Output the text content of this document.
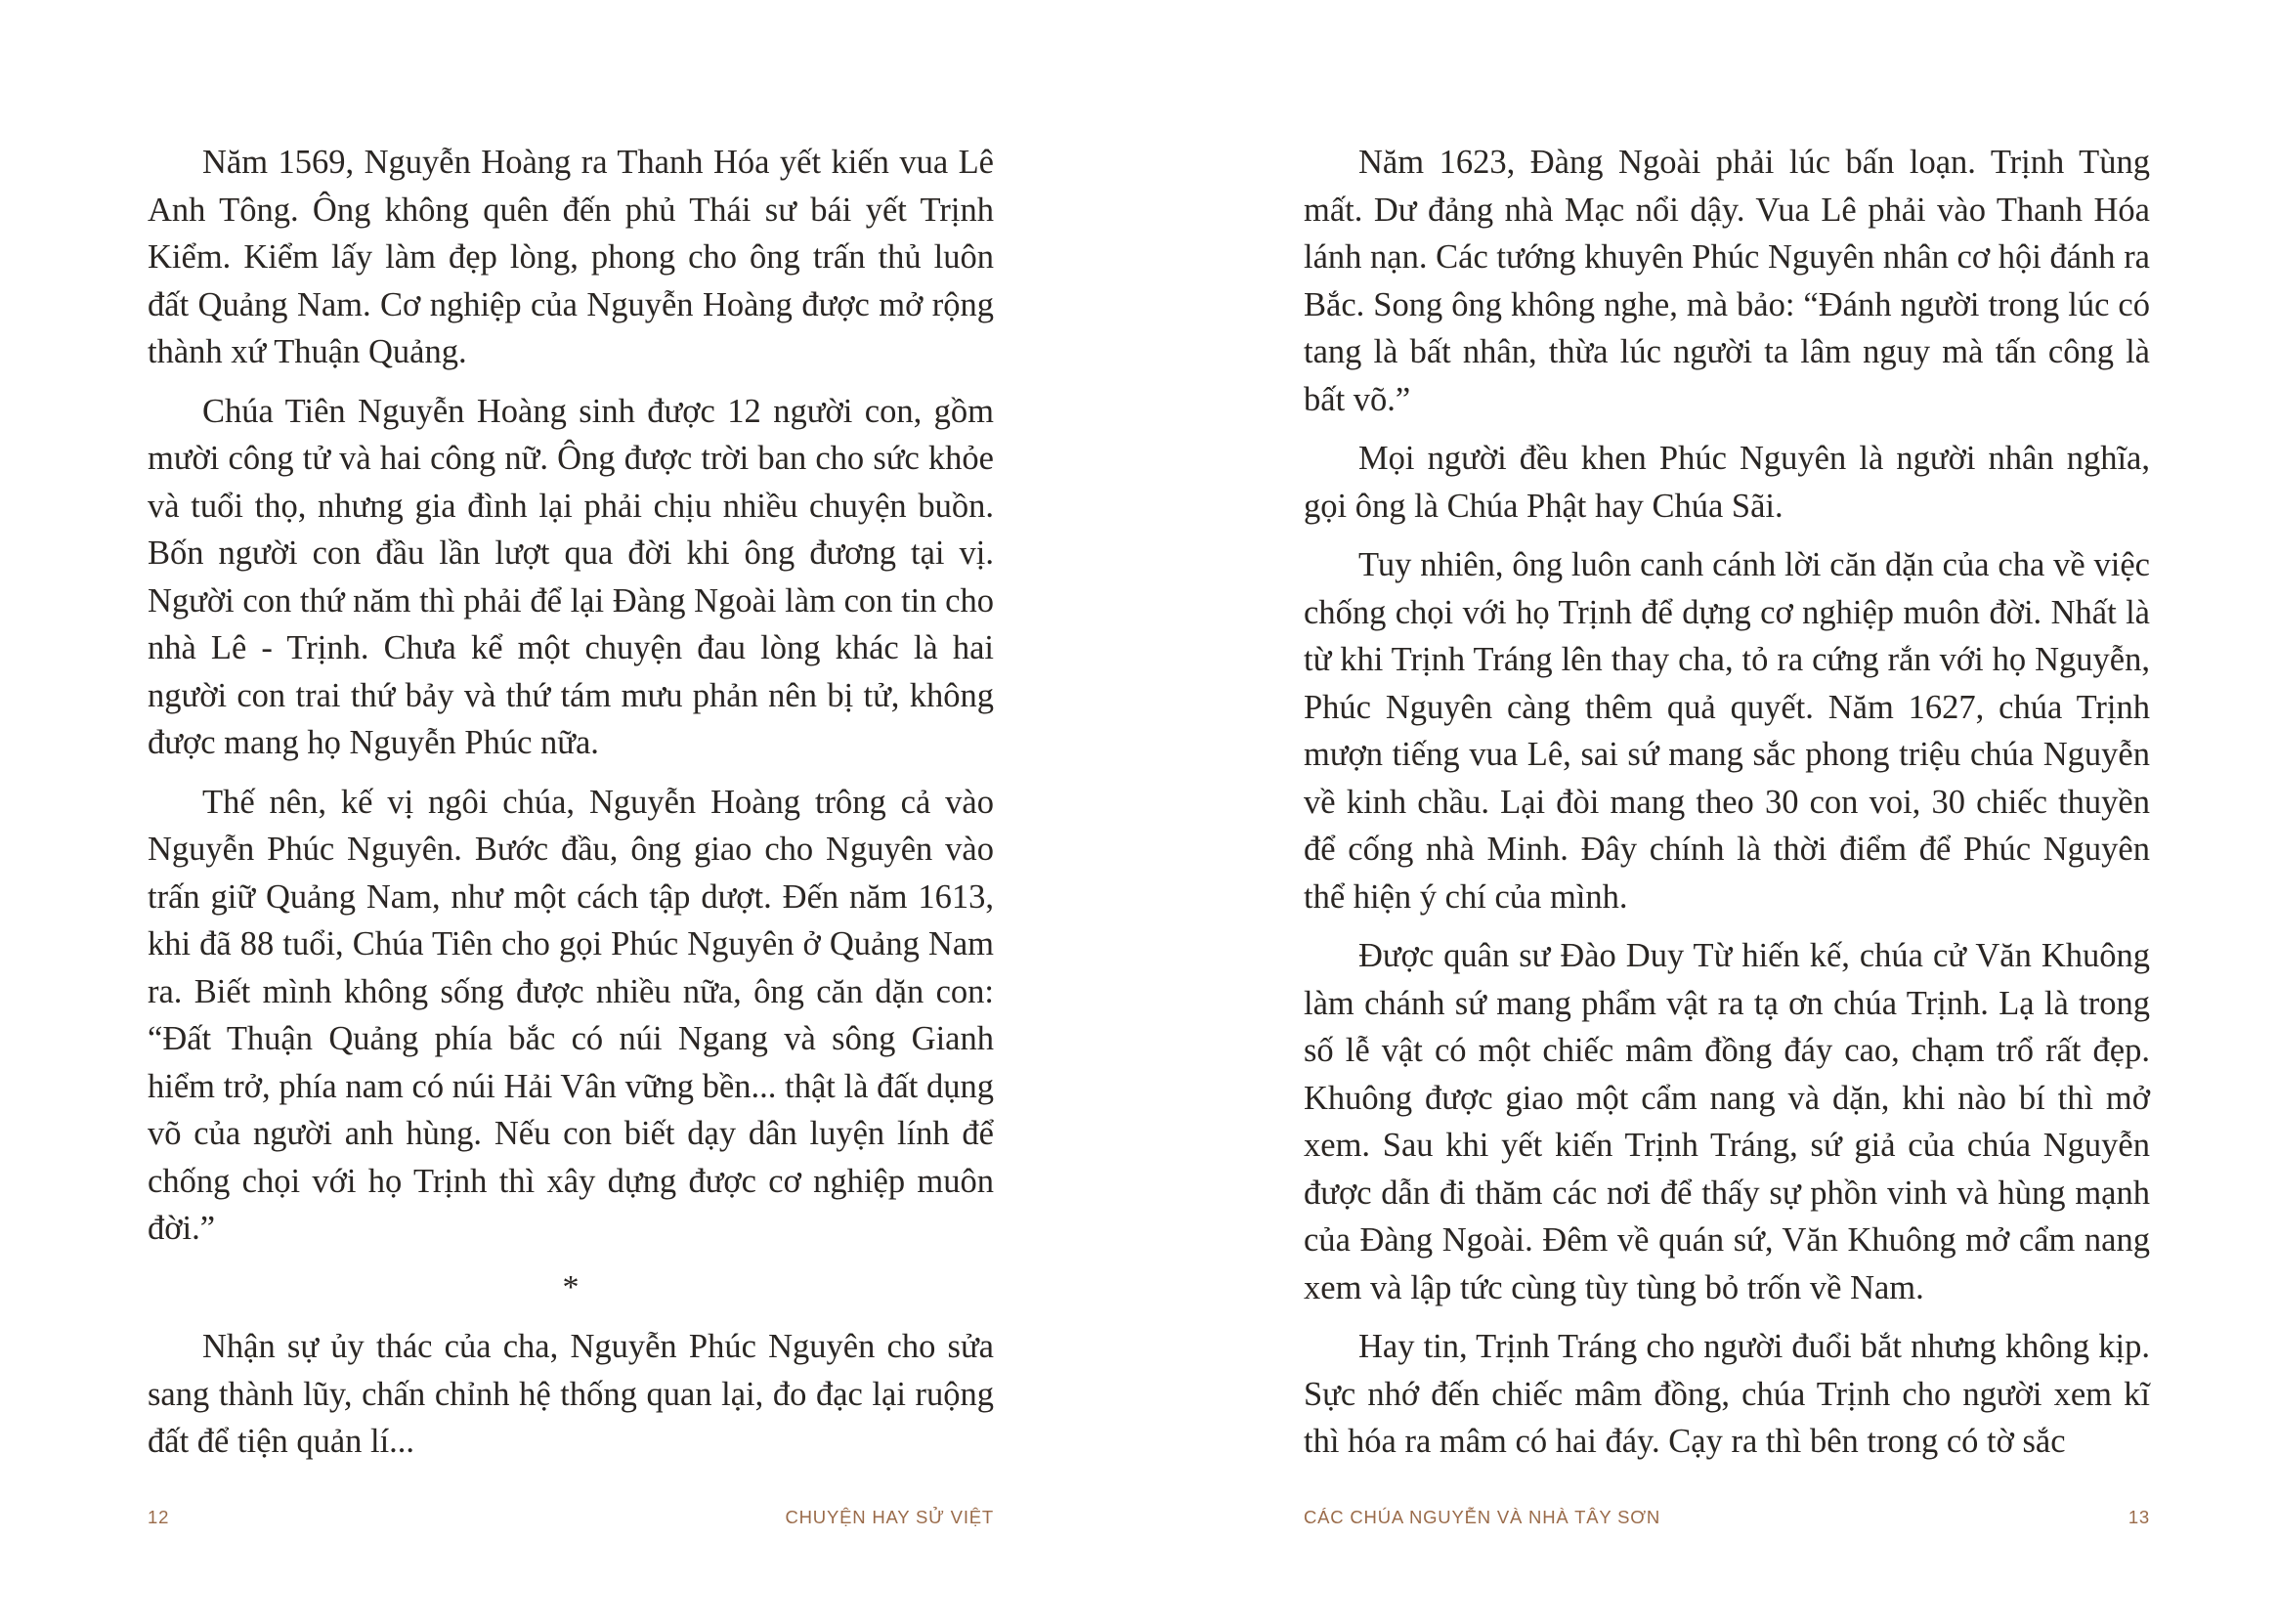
Năm 1569, Nguyễn Hoàng ra Thanh Hóa yết kiến vua Lê Anh Tông. Ông không quên đến phủ Thái sư bái yết Trịnh Kiểm. Kiểm lấy làm đẹp lòng, phong cho ông trấn thủ luôn đất Quảng Nam. Cơ nghiệp của Nguyễn Hoàng được mở rộng thành xứ Thuận Quảng.

Chúa Tiên Nguyễn Hoàng sinh được 12 người con, gồm mười công tử và hai công nữ. Ông được trời ban cho sức khỏe và tuổi thọ, nhưng gia đình lại phải chịu nhiều chuyện buồn. Bốn người con đầu lần lượt qua đời khi ông đương tại vị. Người con thứ năm thì phải để lại Đàng Ngoài làm con tin cho nhà Lê - Trịnh. Chưa kể một chuyện đau lòng khác là hai người con trai thứ bảy và thứ tám mưu phản nên bị tử, không được mang họ Nguyễn Phúc nữa.

Thế nên, kế vị ngôi chúa, Nguyễn Hoàng trông cả vào Nguyễn Phúc Nguyên. Bước đầu, ông giao cho Nguyên vào trấn giữ Quảng Nam, như một cách tập dượt. Đến năm 1613, khi đã 88 tuổi, Chúa Tiên cho gọi Phúc Nguyên ở Quảng Nam ra. Biết mình không sống được nhiều nữa, ông căn dặn con: “Đất Thuận Quảng phía bắc có núi Ngang và sông Gianh hiểm trở, phía nam có núi Hải Vân vững bền... thật là đất dụng võ của người anh hùng. Nếu con biết dạy dân luyện lính để chống chọi với họ Trịnh thì xây dựng được cơ nghiệp muôn đời.”

*

Nhận sự ủy thác của cha, Nguyễn Phúc Nguyên cho sửa sang thành lũy, chấn chỉnh hệ thống quan lại, đo đạc lại ruộng đất để tiện quản lí...

12	CHUYỆN HAY SỬ VIỆT

Năm 1623, Đàng Ngoài phải lúc bấn loạn. Trịnh Tùng mất. Dư đảng nhà Mạc nổi dậy. Vua Lê phải vào Thanh Hóa lánh nạn. Các tướng khuyên Phúc Nguyên nhân cơ hội đánh ra Bắc. Song ông không nghe, mà bảo: “Đánh người trong lúc có tang là bất nhân, thừa lúc người ta lâm nguy mà tấn công là bất võ.”

Mọi người đều khen Phúc Nguyên là người nhân nghĩa, gọi ông là Chúa Phật hay Chúa Sãi.

Tuy nhiên, ông luôn canh cánh lời căn dặn của cha về việc chống chọi với họ Trịnh để dựng cơ nghiệp muôn đời. Nhất là từ khi Trịnh Tráng lên thay cha, tỏ ra cứng rắn với họ Nguyễn, Phúc Nguyên càng thêm quả quyết. Năm 1627, chúa Trịnh mượn tiếng vua Lê, sai sứ mang sắc phong triệu chúa Nguyễn về kinh chầu. Lại đòi mang theo 30 con voi, 30 chiếc thuyền để cống nhà Minh. Đây chính là thời điểm để Phúc Nguyên thể hiện ý chí của mình.

Được quân sư Đào Duy Từ hiến kế, chúa cử Văn Khuông làm chánh sứ mang phẩm vật ra tạ ơn chúa Trịnh. Lạ là trong số lễ vật có một chiếc mâm đồng đáy cao, chạm trổ rất đẹp. Khuông được giao một cẩm nang và dặn, khi nào bí thì mở xem. Sau khi yết kiến Trịnh Tráng, sứ giả của chúa Nguyễn được dẫn đi thăm các nơi để thấy sự phồn vinh và hùng mạnh của Đàng Ngoài. Đêm về quán sứ, Văn Khuông mở cẩm nang xem và lập tức cùng tùy tùng bỏ trốn về Nam.

Hay tin, Trịnh Tráng cho người đuổi bắt nhưng không kịp. Sực nhớ đến chiếc mâm đồng, chúa Trịnh cho người xem kĩ thì hóa ra mâm có hai đáy. Cạy ra thì bên trong có tờ sắc

CÁC CHÚA NGUYỄN VÀ NHÀ TÂY SƠN	13
